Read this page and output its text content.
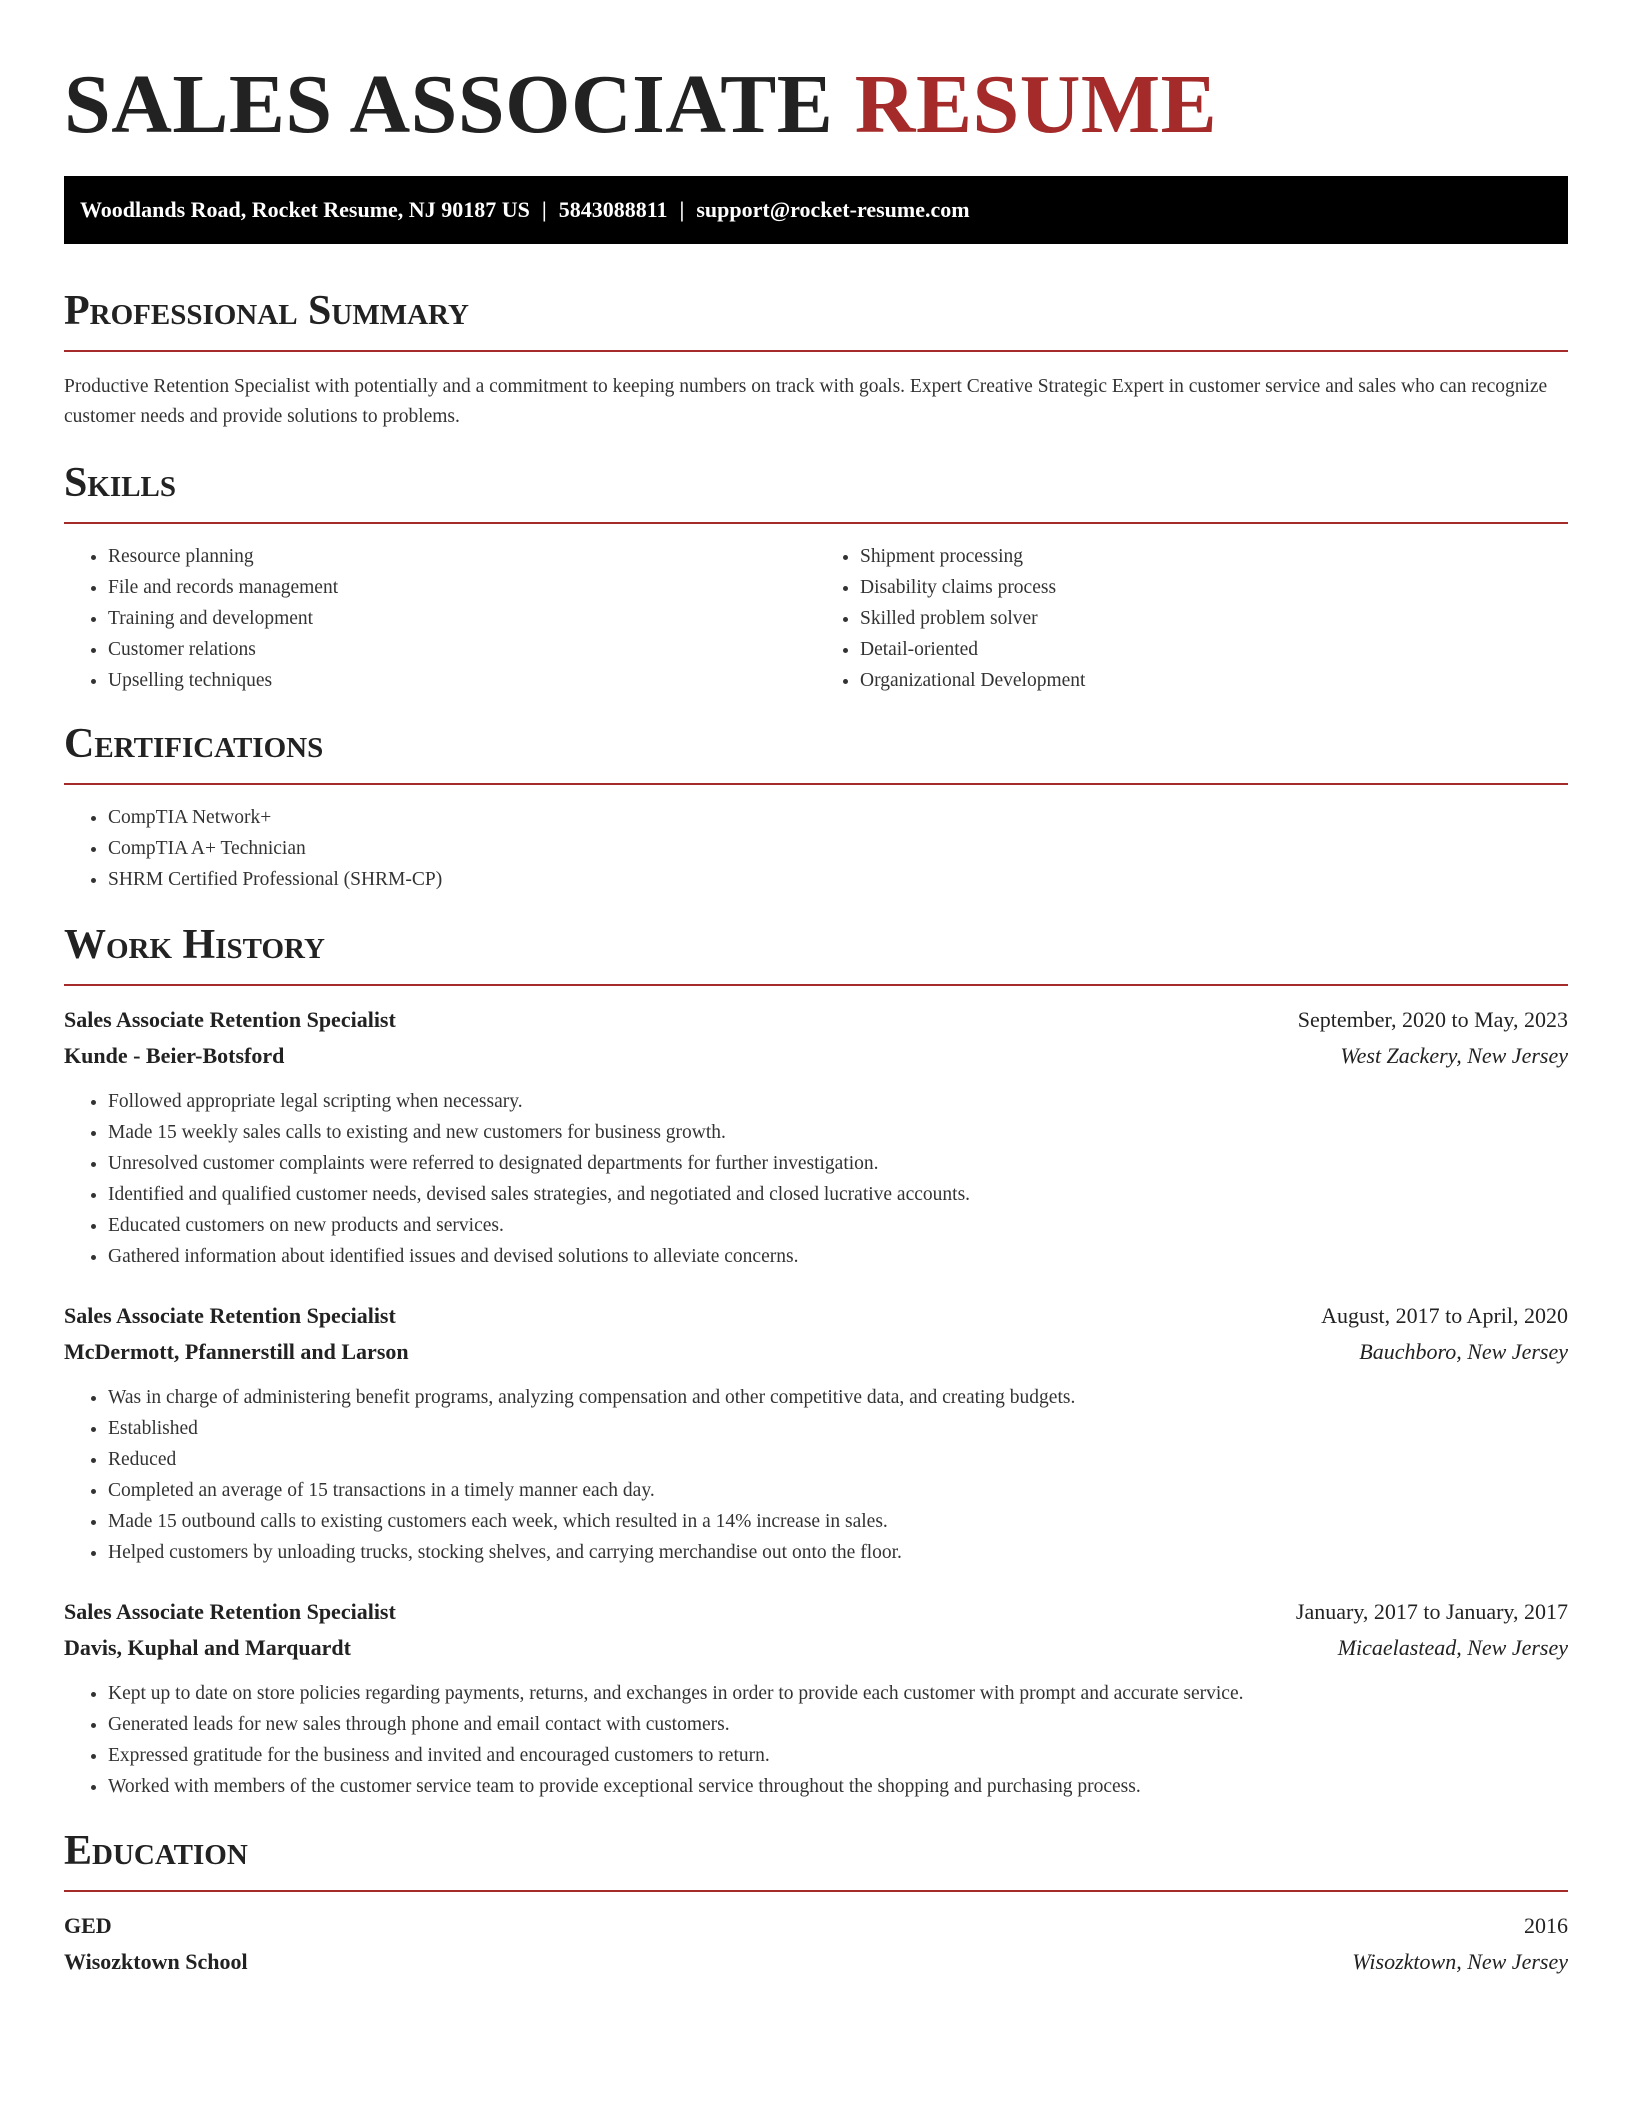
SALES ASSOCIATE RESUME
Woodlands Road, Rocket Resume, NJ 90187 US | 5843088811 | support@rocket-resume.com
Professional Summary

Productive Retention Specialist with potentially and a commitment to keeping numbers on track with goals. Expert Creative Strategic Expert in customer service and sales who can recognize customer needs and provide solutions to problems.

Skills
• Resource planning
• File and records management
• Training and development
• Customer relations
• Upselling techniques
• Shipment processing
• Disability claims process
• Skilled problem solver
• Detail-oriented
• Organizational Development
Certifications
• CompTIA Network+
• CompTIA A+ Technician
• SHRM Certified Professional (SHRM-CP)
Work History
Sales Associate Retention Specialist	September, 2020 to May, 2023
Kunde - Beier-Botsford	West Zackery, New Jersey
• Followed appropriate legal scripting when necessary.
• Made 15 weekly sales calls to existing and new customers for business growth.
• Unresolved customer complaints were referred to designated departments for further investigation.
• Identified and qualified customer needs, devised sales strategies, and negotiated and closed lucrative accounts.
• Educated customers on new products and services.
• Gathered information about identified issues and devised solutions to alleviate concerns.
Sales Associate Retention Specialist	August, 2017 to April, 2020
McDermott, Pfannerstill and Larson	Bauchboro, New Jersey
• Was in charge of administering benefit programs, analyzing compensation and other competitive data, and creating budgets.
• Established
• Reduced
• Completed an average of 15 transactions in a timely manner each day.
• Made 15 outbound calls to existing customers each week, which resulted in a 14% increase in sales.
• Helped customers by unloading trucks, stocking shelves, and carrying merchandise out onto the floor.
Sales Associate Retention Specialist	January, 2017 to January, 2017
Davis, Kuphal and Marquardt	Micaelastead, New Jersey
• Kept up to date on store policies regarding payments, returns, and exchanges in order to provide each customer with prompt and accurate service.
• Generated leads for new sales through phone and email contact with customers.
• Expressed gratitude for the business and invited and encouraged customers to return.
• Worked with members of the customer service team to provide exceptional service throughout the shopping and purchasing process.
Education
GED	2016
Wisozktown School	Wisozktown, New Jersey
